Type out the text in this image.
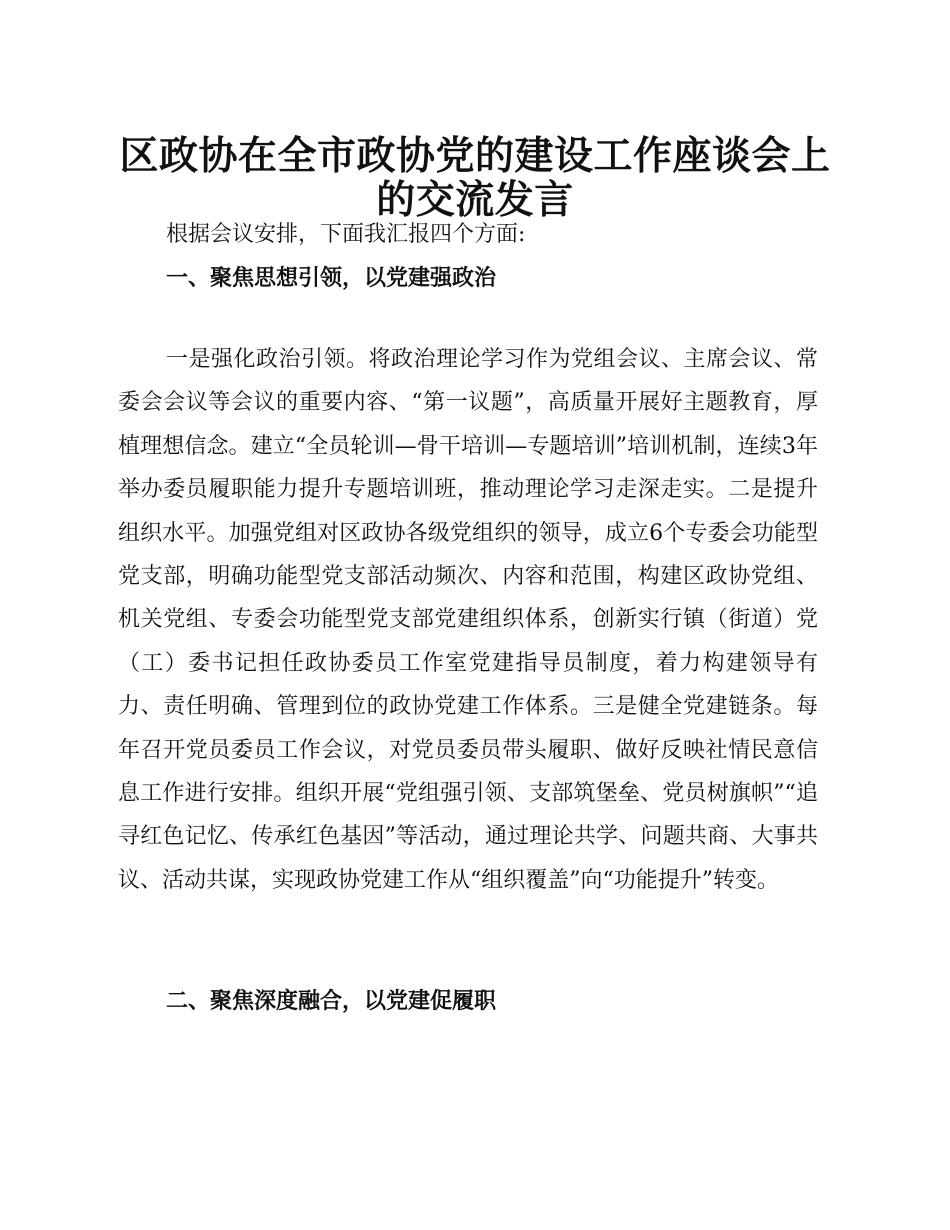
区政协在全市政协党的建设工作座谈会上的交流发言

根据会议安排，下面我汇报四个方面:

一、聚焦思想引领，以党建强政治

一是强化政治引领。将政治理论学习作为党组会议、主席会议、常委会会议等会议的重要内容、“第一议题”，高质量开展好主题教育，厚植理想信念。建立“全员轮训—骨干培训—专题培训”培训机制，连续3年举办委员履职能力提升专题培训班，推动理论学习走深走实。二是提升组织水平。加强党组对区政协各级党组织的领导，成立6个专委会功能型党支部，明确功能型党支部活动频次、内容和范围，构建区政协党组、机关党组、专委会功能型党支部党建组织体系，创新实行镇（街道）党（工）委书记担任政协委员工作室党建指导员制度，着力构建领导有力、责任明确、管理到位的政协党建工作体系。三是健全党建链条。每年召开党员委员工作会议，对党员委员带头履职、做好反映社情民意信息工作进行安排。组织开展“党组强引领、支部筑堡垒、党员树旗帜”“追寻红色记忆、传承红色基因”等活动，通过理论共学、问题共商、大事共议、活动共谋，实现政协党建工作从“组织覆盖”向“功能提升”转变。

二、聚焦深度融合，以党建促履职
